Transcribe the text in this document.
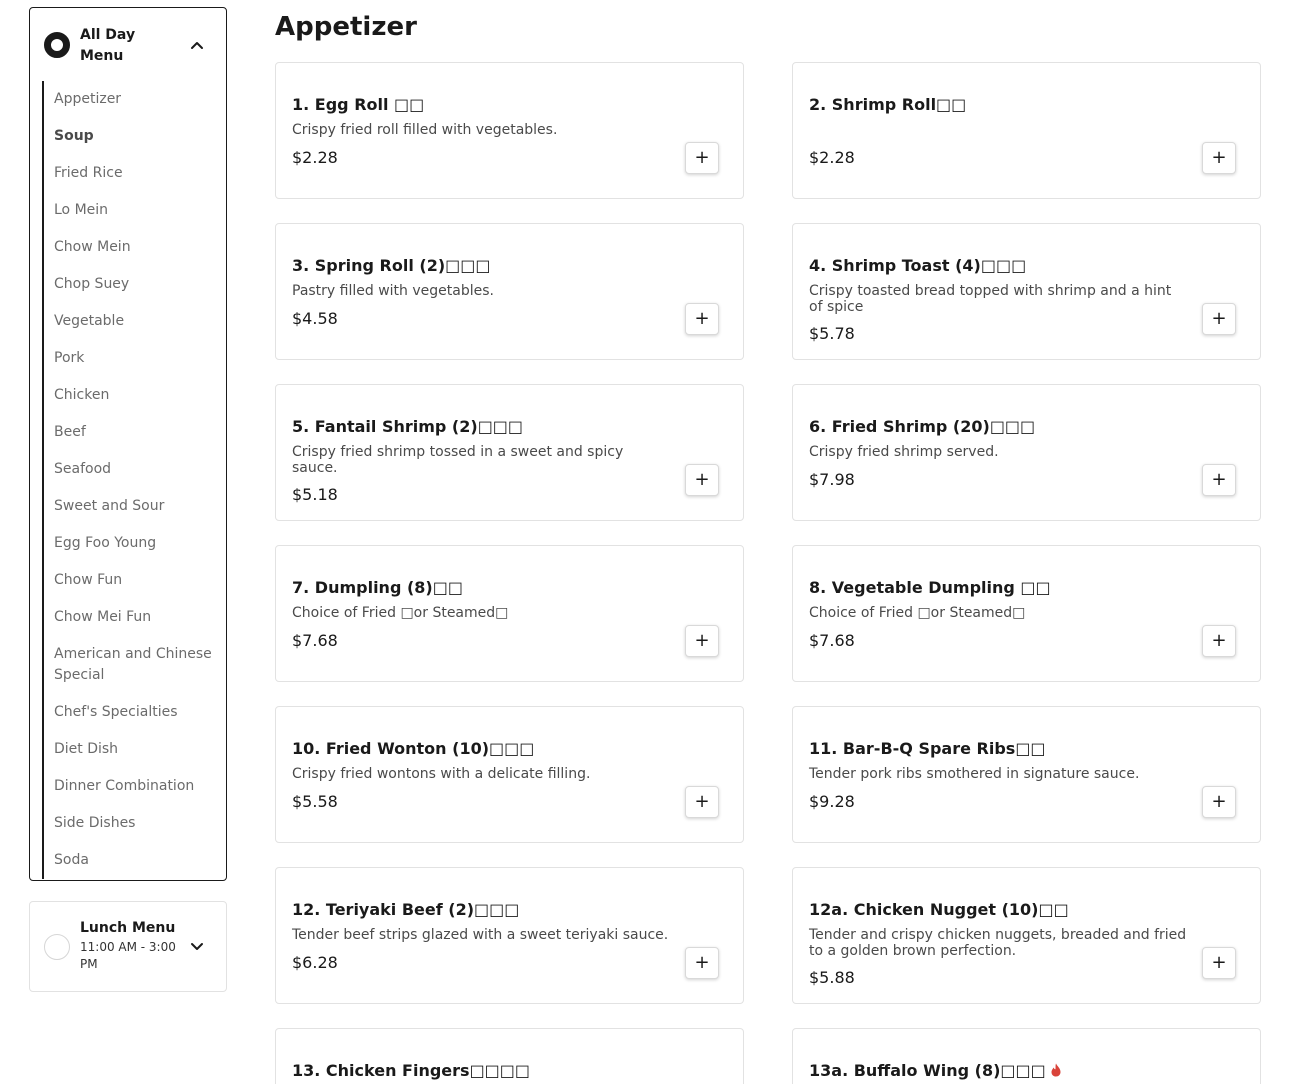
All Day Menu
Appetizer
Soup
Fried Rice
Lo Mein
Chow Mein
Chop Suey
Vegetable
Pork
Chicken
Beef
Seafood
Sweet and Sour
Egg Foo Young
Chow Fun
Chow Mei Fun
American and Chinese Special
Chef's Specialties
Diet Dish
Dinner Combination
Side Dishes
Soda
Lunch Menu
11:00 AM - 3:00 PM
Appetizer
1. Egg Roll □□
Crispy fried roll filled with vegetables.
$2.28	+
2. Shrimp Roll□□
$2.28	+
3. Spring Roll (2)□□□
Pastry filled with vegetables.
$4.58	+
4. Shrimp Toast (4)□□□
Crispy toasted bread topped with shrimp and a hint of spice
$5.78
+
5. Fantail Shrimp (2)□□□
Crispy fried shrimp tossed in a sweet and spicy sauce.
$5.18
+
6. Fried Shrimp (20)□□□
Crispy fried shrimp served.
$7.98	+
7. Dumpling (8)□□
Choice of Fried □or Steamed□
$7.68	+
8. Vegetable Dumpling □□
Choice of Fried □or Steamed□
$7.68	+
10. Fried Wonton (10)□□□
Crispy fried wontons with a delicate filling.
$5.58	+
11. Bar-B-Q Spare Ribs□□
Tender pork ribs smothered in signature sauce.
$9.28	+
12. Teriyaki Beef (2)□□□
Tender beef strips glazed with a sweet teriyaki sauce.
$6.28	+
12a. Chicken Nugget (10)□□
Tender and crispy chicken nuggets, breaded and fried to a golden brown perfection.
$5.88
+
13. Chicken Fingers□□□□	13a. Buffalo Wing (8)□□□
